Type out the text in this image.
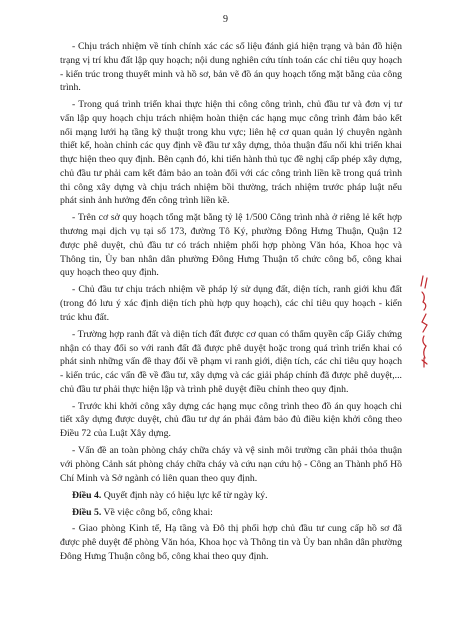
9

- Chịu trách nhiệm về tính chính xác các số liệu đánh giá hiện trạng và bản đồ hiện trạng vị trí khu đất lập quy hoạch; nội dung nghiên cứu tính toán các chỉ tiêu quy hoạch - kiến trúc trong thuyết minh và hồ sơ, bản vẽ đồ án quy hoạch tổng mặt bằng của công trình.

- Trong quá trình triển khai thực hiện thi công công trình, chủ đầu tư và đơn vị tư vấn lập quy hoạch chịu trách nhiệm hoàn thiện các hạng mục công trình đảm bảo kết nối mạng lưới hạ tầng kỹ thuật trong khu vực; liên hệ cơ quan quản lý chuyên ngành thiết kế, hoàn chỉnh các quy định về đầu tư xây dựng, thỏa thuận đấu nối khi triển khai thực hiện theo quy định. Bên cạnh đó, khi tiến hành thủ tục đề nghị cấp phép xây dựng, chủ đầu tư phải cam kết đảm bảo an toàn đối với các công trình liền kề trong quá trình thi công xây dựng và chịu trách nhiệm bồi thường, trách nhiệm trước pháp luật nếu phát sinh ảnh hưởng đến công trình liền kề.

- Trên cơ sở quy hoạch tổng mặt bằng tỷ lệ 1/500 Công trình nhà ở riêng lẻ kết hợp thương mại dịch vụ tại số 173, đường Tô Ký, phường Đông Hưng Thuận, Quận 12 được phê duyệt, chủ đầu tư có trách nhiệm phối hợp phòng Văn hóa, Khoa học và Thông tin, Ủy ban nhân dân phường Đông Hưng Thuận tổ chức công bố, công khai quy hoạch theo quy định.

- Chủ đầu tư chịu trách nhiệm về pháp lý sử dụng đất, diện tích, ranh giới khu đất (trong đó lưu ý xác định diện tích phù hợp quy hoạch), các chỉ tiêu quy hoạch - kiến trúc khu đất.

- Trường hợp ranh đất và diện tích đất được cơ quan có thẩm quyền cấp Giấy chứng nhận có thay đổi so với ranh đất đã được phê duyệt hoặc trong quá trình triển khai có phát sinh những vấn đề thay đổi về phạm vi ranh giới, diện tích, các chỉ tiêu quy hoạch - kiến trúc, các vấn đề về đầu tư, xây dựng và các giải pháp chính đã được phê duyệt,... chủ đầu tư phải thực hiện lập và trình phê duyệt điều chỉnh theo quy định.

- Trước khi khởi công xây dựng các hạng mục công trình theo đồ án quy hoạch chi tiết xây dựng được duyệt, chủ đầu tư dự án phải đảm bảo đủ điều kiện khởi công theo Điều 72 của Luật Xây dựng.

- Vấn đề an toàn phòng cháy chữa cháy và vệ sinh môi trường cần phải thỏa thuận với phòng Cảnh sát phòng cháy chữa cháy và cứu nạn cứu hộ - Công an Thành phố Hồ Chí Minh và Sở ngành có liên quan theo quy định.

Điều 4. Quyết định này có hiệu lực kể từ ngày ký.

Điều 5. Về việc công bố, công khai:

- Giao phòng Kinh tế, Hạ tầng và Đô thị phối hợp chủ đầu tư cung cấp hồ sơ đã được phê duyệt để phòng Văn hóa, Khoa học và Thông tin và Ủy ban nhân dân phường Đông Hưng Thuận công bố, công khai theo quy định.
